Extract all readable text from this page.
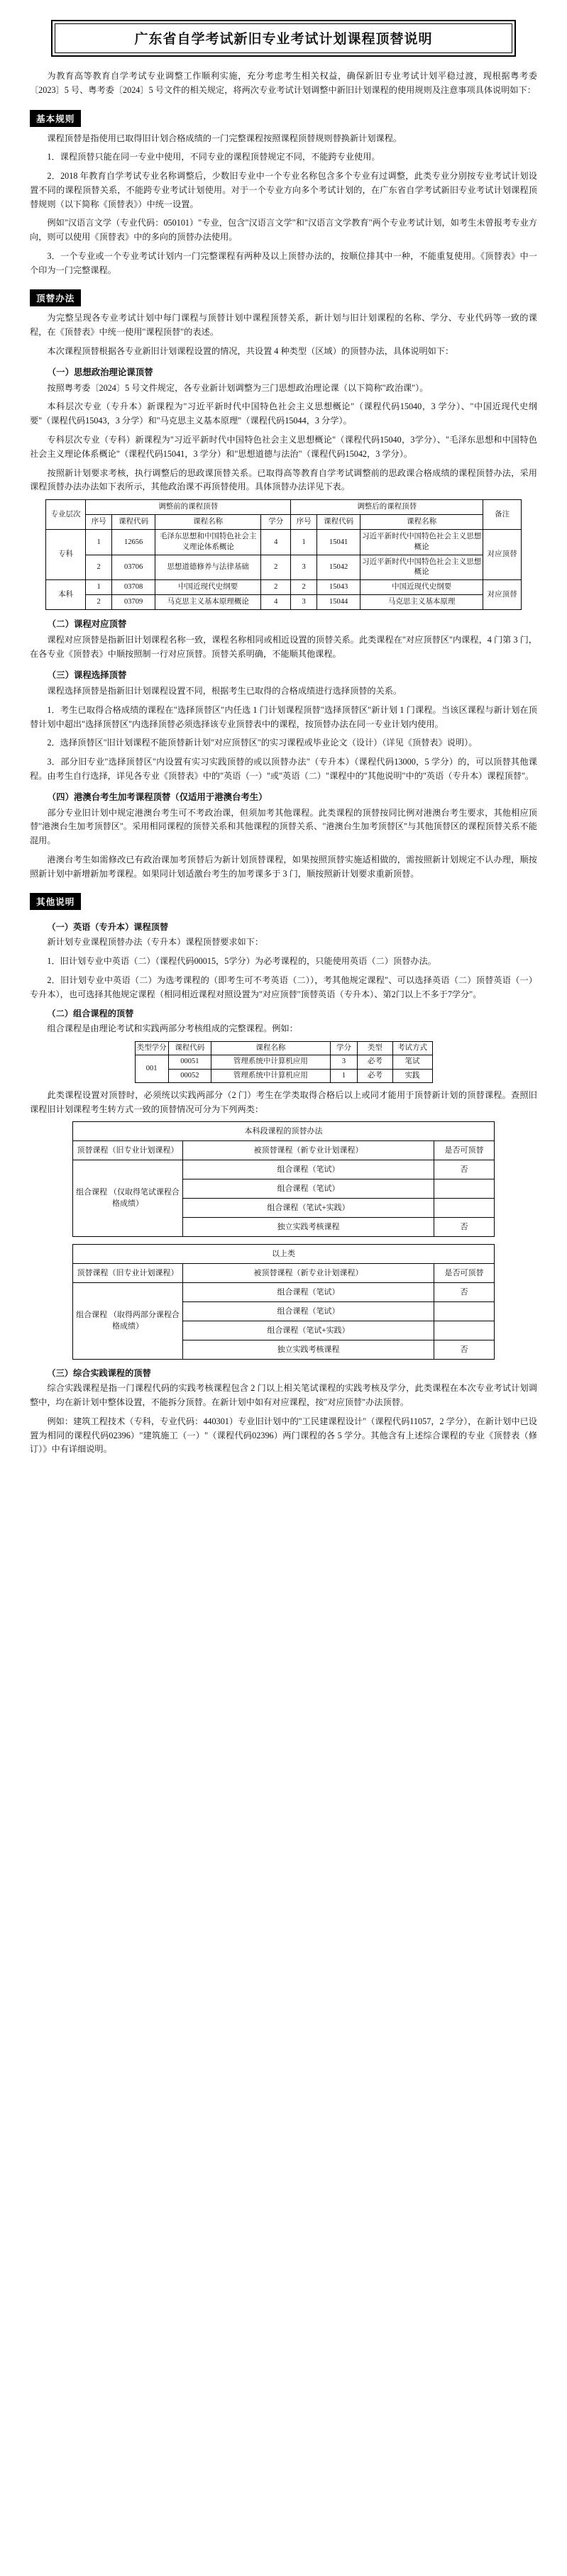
广东省自学考试新旧专业考试计划课程顶替说明

为教育高等教育自学考试专业调整工作顺利实施，充分考虑考生相关权益，确保新旧专业考试计划平稳过渡，现根据粤考委〔2023〕5 号、粤考委〔2024〕5 号文件的相关规定，将两次专业考试计划调整中新旧计划课程的使用规则及注意事项具体说明如下：

基本规则

课程顶替是指使用已取得旧计划合格成绩的一门完整课程按照课程顶替规则替换新计划课程。

1．课程顶替只能在同一专业中使用，不同专业的课程顶替规定不同，不能跨专业使用。

2．2018 年教育自学考试专业名称调整后，少数旧专业中一个专业名称包含多个专业有过调整，此类专业分别按专业考试计划设置不同的课程顶替关系，不能跨专业考试计划使用。对于一个专业方向多个考试计划的，在广东省自学考试新旧专业考试计划课程顶替规则（以下简称《顶替表》）中统一设置。

例如"汉语言文学（专业代码：050101）"专业，包含"汉语言文学"和"汉语言文学教育"两个专业考试计划，如考生未曾报考专业方向，则可以使用《顶替表》中的多向的顶替办法使用。

3．一个专业或一个专业考试计划内一门完整课程有两种及以上顶替办法的，按顺位排其中一种，不能重复使用。《顶替表》中一个印为一门完整课程。

顶替办法

为完整呈现各专业考试计划中每门课程与顶替计划中课程顶替关系，新计划与旧计划课程的名称、学分、专业代码等一致的课程，在《顶替表》中统一使用"课程顶替"的表述。

本次课程顶替根据各专业新旧计划课程设置的情况，共设置 4 种类型（区域）的顶替办法，具体说明如下：

（一）思想政治理论课顶替

按照粤考委〔2024〕5 号文件规定，各专业新计划调整为三门思想政治理论课（以下简称"政治课"）。

本科层次专业（专升本）新课程为"习近平新时代中国特色社会主义思想概论"（课程代码15040，3 学分）、"中国近现代史纲要"（课程代码15043，3 分学）和"马克思主义基本原理"（课程代码15044，3 分学）。

专科层次专业（专科）新课程为"习近平新时代中国特色社会主义思想概论"（课程代码15040，3学分）、"毛泽东思想和中国特色社会主义理论体系概论"（课程代码15041，3 学分）和"思想道德与法治"（课程代码15042，3 学分）。

按照新计划要求考核，执行调整后的思政课顶替关系。已取得高等教育自学考试调整前的思政课合格成绩的课程顶替办法，采用课程顶替办法办法如下表所示，其他政治课不再顶替使用。具体顶替办法详见下表。

专业层次	调整前的课程顶替				调整后的课程顶替			备注
	序号	课程代码	课程名称	学分	序号	课程代码	课程名称	
专科	1	12656	毛泽东思想和中国特色社会主义理论体系概论	4	1	15041	习近平新时代中国特色社会主义思想概论	对应顶替
	2	03706	思想道德修养与法律基础	2	3	15042	习近平新时代中国特色社会主义思想概论	
本科	1	03708	中国近现代史纲要	2	2	15043	中国近现代史纲要	对应顶替
	2	03709	马克思主义基本原理概论	4	3	15044	马克思主义基本原理	
（二）课程对应顶替

课程对应顶替是指新旧计划课程名称一致，课程名称相同或相近设置的顶替关系。此类课程在"对应顶替区"内课程，4 门第 3 门，在各专业《顶替表》中顺按照制一行对应顶替。顶替关系明确，不能顺其他课程。

（三）课程选择顶替

课程选择顶替是指新旧计划课程设置不同，根据考生已取得的合格成绩进行选择顶替的关系。

1．考生已取得合格成绩的课程在"选择顶替区"内任选 1 门计划课程顶替"选择顶替区"新计划 1 门课程。当该区课程与新计划在顶替计划中超出"选择顶替区"内选择顶替必须选择该专业顶替表中的课程，按顶替办法在同一专业计划内使用。

2．选择顶替区"旧计划课程不能顶替新计划"对应顶替区"的实习课程或毕业论文（设计）（详见《顶替表》说明）。

3．部分旧专业"选择顶替区"内设置有实习实践顶替的或以顶替办法"（专升本）（课程代码13000，5 学分）的，可以顶替其他课程。由考生自行选择，详见各专业《顶替表》中的"英语（一）"或"英语（二）"课程中的"其他说明"中的"英语（专升本）课程顶替"。

（四）港澳台考生加考课程顶替（仅适用于港澳台考生）

部分专业旧计划中规定港澳台考生可不考政治课，但须加考其他课程。此类课程的顶替按同比例对港澳台考生要求，其他相应顶替"港澳台生加考顶替区"。采用相同课程的顶替关系和其他课程的顶替关系、"港澳台生加考顶替区"与其他顶替区的课程顶替关系不能混用。

港澳台考生如需修改已有政治课加考顶替后为新计划顶替课程，如果按照顶替实施适相做的，需按照新计划规定不认办理，顺按照新计划中新增新加考课程。如果同计划适激台考生的加考课多于 3 门，顺按照新计划要求重新顶替。

其他说明
（一）英语（专升本）课程顶替

新计划专业课程顶替办法（专升本）课程顶替要求如下：

1．旧计划专业中英语（二）（课程代码00015，5学分）为必考课程的，只能使用英语（二）顶替办法。

2．旧计划专业中英语（二）为选考课程的（即考生可不考英语（二）），考其他规定课程"、可以选择英语（二）顶替英语（一）专升本），也可选择其他规定课程（相同相近课程对照设置为"对应顶替"顶替英语（专升本）、第2门以上不多于7学分"。

（二）组合课程的顶替

组合课程是由理论考试和实践两部分考核组成的完整课程。例如：

类型学分	课程代码	课程名称	学分	类型	考试方式
001	00051	管理系统中计算机应用	3	必考	笔试
	00052	管理系统中计算机应用	1	必考	实践

此类课程设置对顶替时，必须统以实践两部分（2 门）考生在学类取得合格后以上或同才能用于顶替新计划的顶替课程。查照旧课程旧计划课程考生转方式一致的顶替情况可分为下列两类：

本科段课程的顶替办法		
顶替课程（旧专业计划课程）	被顶替课程（新专业计划课程）	是否可顶替
组合课程 （仅取得笔试课程合格成绩）	组合课程（笔试）	否
	组合课程（笔试）	
	组合课程（笔试+实践）	
	独立实践考核课程	否
以上类		
顶替课程（旧专业计划课程）	被顶替课程（新专业计划课程）	是否可顶替
组合课程 （取得两部分课程合格成绩）	组合课程（笔试）	否
	组合课程（笔试）	
	组合课程（笔试+实践）	
	独立实践考核课程	否
（三）综合实践课程的顶替

综合实践课程是指一门课程代码的实践考核课程包含 2 门以上相关笔试课程的实践考核及学分，此类课程在本次专业考试计划调整中，均在新计划中整体设置，不能拆分顶替。在新计划中如有对应课程，按"对应顶替"办法顶替。

例如：建筑工程技术（专科，专业代码：440301）专业旧计划中的"工民建课程设计"（课程代码11057，2 学分），在新计划中已设置为相同的课程代码02396）"建筑施工（一）"（课程代码02396）两门课程的各 5 学分。其他含有上述综合课程的专业《顶替表（修订）》中有详细说明。
